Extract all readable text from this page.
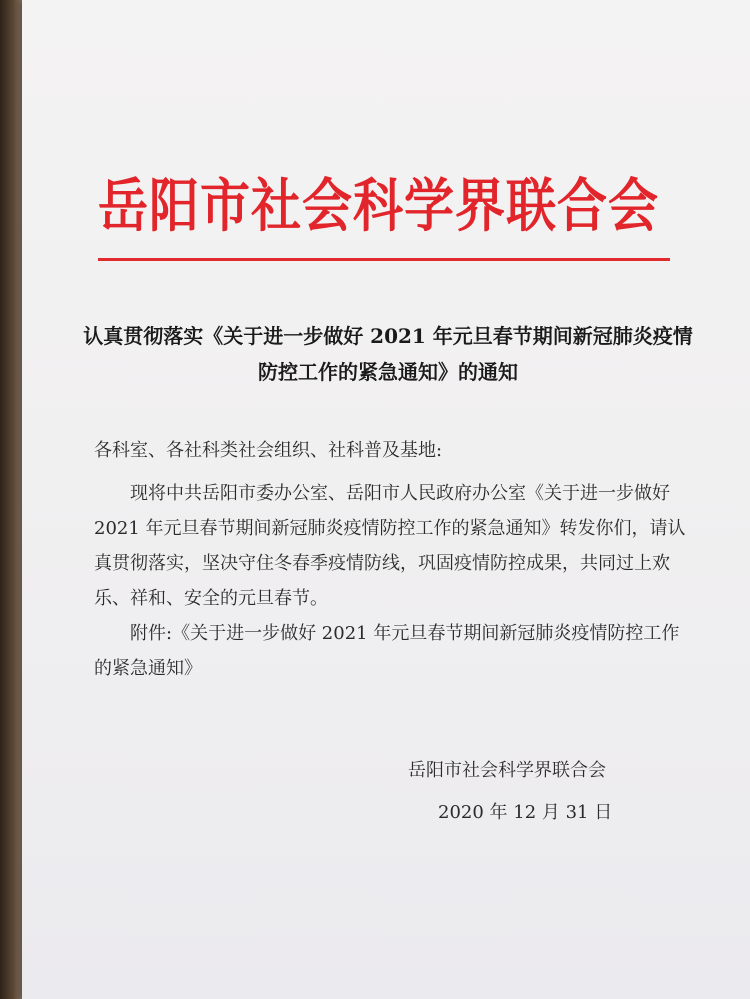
岳阳市社会科学界联合会
认真贯彻落实《关于进一步做好 2021 年元旦春节期间新冠肺炎疫情防控工作的紧急通知》的通知
各科室、各社科类社会组织、社科普及基地:

现将中共岳阳市委办公室、岳阳市人民政府办公室《关于进一步做好2021 年元旦春节期间新冠肺炎疫情防控工作的紧急通知》转发你们，请认真贯彻落实，坚决守住冬春季疫情防线，巩固疫情防控成果，共同过上欢乐、祥和、安全的元旦春节。

附件:《关于进一步做好 2021 年元旦春节期间新冠肺炎疫情防控工作的紧急通知》

岳阳市社会科学界联合会
2020 年 12 月 31 日
